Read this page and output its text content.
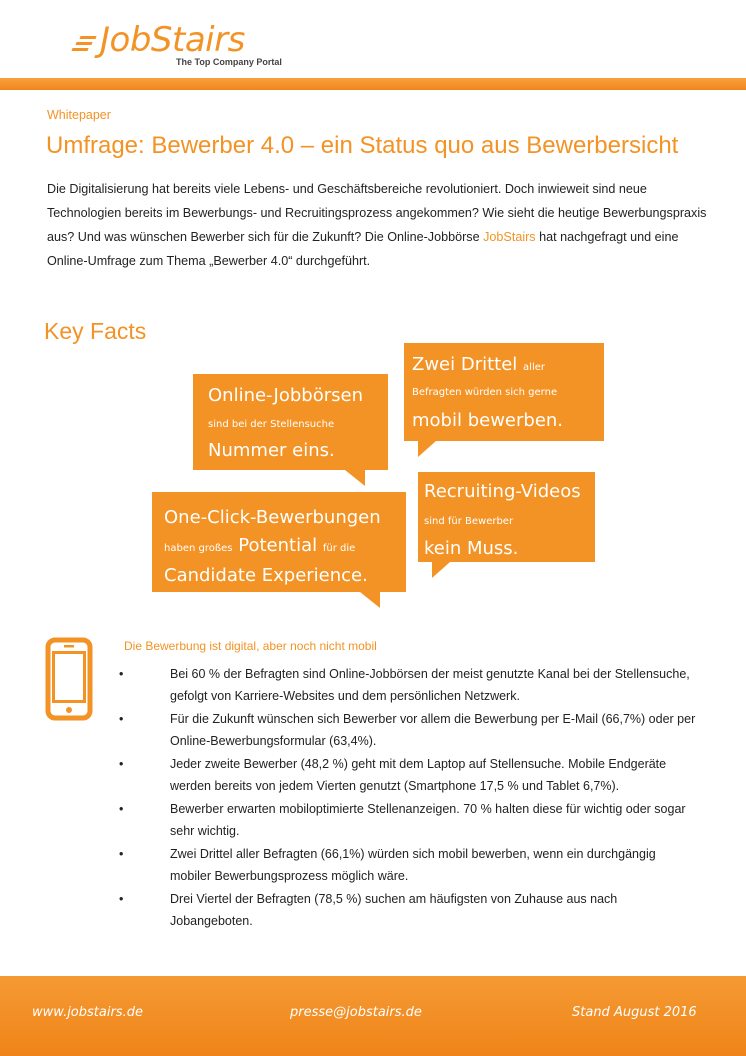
JobStairs
The Top Company Portal
Whitepaper
Umfrage: Bewerber 4.0 – ein Status quo aus Bewerbersicht
Die Digitalisierung hat bereits viele Lebens- und Geschäftsbereiche revolutioniert. Doch inwieweit sind neue Technologien bereits im Bewerbungs- und Recruitingsprozess angekommen? Wie sieht die heutige Bewerbungspraxis aus? Und was wünschen Bewerber sich für die Zukunft? Die Online-Jobbörse JobStairs hat nachgefragt und eine Online-Umfrage zum Thema „Bewerber 4.0“ durchgeführt.
Key Facts
Online-Jobbörsen
sind bei der Stellensuche
Nummer eins.
Zwei Drittel aller
Befragten würden sich gerne
mobil bewerben.
One-Click-Bewerbungen
haben großes Potential für die
Candidate Experience.
Recruiting-Videos
sind für Bewerber
kein Muss.
Die Bewerbung ist digital, aber noch nicht mobil
•	Bei 60 % der Befragten sind Online-Jobbörsen der meist genutzte Kanal bei der Stellensuche, gefolgt von Karriere-Websites und dem persönlichen Netzwerk.
•	Für die Zukunft wünschen sich Bewerber vor allem die Bewerbung per E-Mail (66,7%) oder per Online-Bewerbungsformular (63,4%).
•	Jeder zweite Bewerber (48,2 %) geht mit dem Laptop auf Stellensuche. Mobile Endgeräte werden bereits von jedem Vierten genutzt (Smartphone 17,5 % und Tablet 6,7%).
•	Bewerber erwarten mobiloptimierte Stellenanzeigen. 70 % halten diese für wichtig oder sogar sehr wichtig.
•	Zwei Drittel aller Befragten (66,1%) würden sich mobil bewerben, wenn ein durchgängig mobiler Bewerbungsprozess möglich wäre.
•	Drei Viertel der Befragten (78,5 %) suchen am häufigsten von Zuhause aus nach Jobangeboten.
www.jobstairs.de	presse@jobstairs.de	Stand August 2016
